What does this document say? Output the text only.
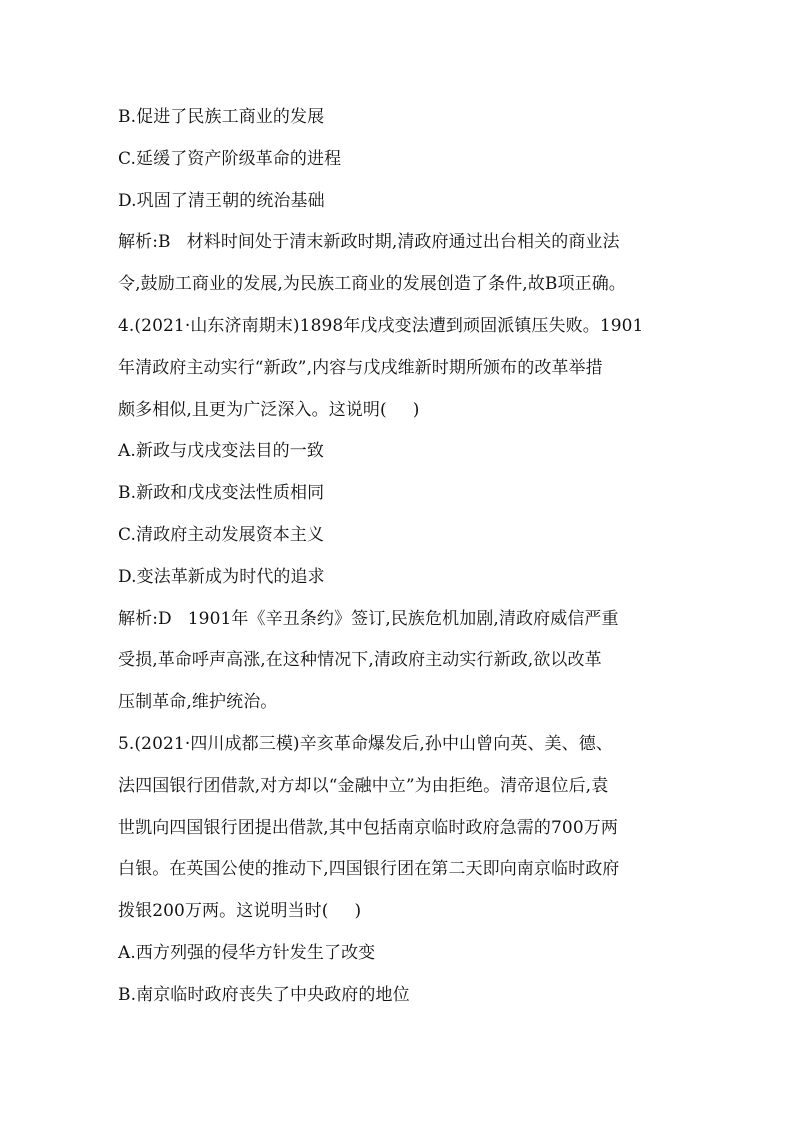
B.促进了民族工商业的发展
C.延缓了资产阶级革命的进程
D.巩固了清王朝的统治基础
解析:B 材料时间处于清末新政时期,清政府通过出台相关的商业法
令,鼓励工商业的发展,为民族工商业的发展创造了条件,故B项正确。
4.(2021·山东济南期末)1898年戊戌变法遭到顽固派镇压失败。1901
年清政府主动实行“新政”,内容与戊戌维新时期所颁布的改革举措
颇多相似,且更为广泛深入。这说明( )
A.新政与戊戌变法目的一致
B.新政和戊戌变法性质相同
C.清政府主动发展资本主义
D.变法革新成为时代的追求
解析:D 1901年《辛丑条约》签订,民族危机加剧,清政府威信严重
受损,革命呼声高涨,在这种情况下,清政府主动实行新政,欲以改革
压制革命,维护统治。
5.(2021·四川成都三模)辛亥革命爆发后,孙中山曾向英、美、德、
法四国银行团借款,对方却以“金融中立”为由拒绝。清帝退位后,袁
世凯向四国银行团提出借款,其中包括南京临时政府急需的700万两
白银。在英国公使的推动下,四国银行团在第二天即向南京临时政府
拨银200万两。这说明当时( )
A.西方列强的侵华方针发生了改变
B.南京临时政府丧失了中央政府的地位
